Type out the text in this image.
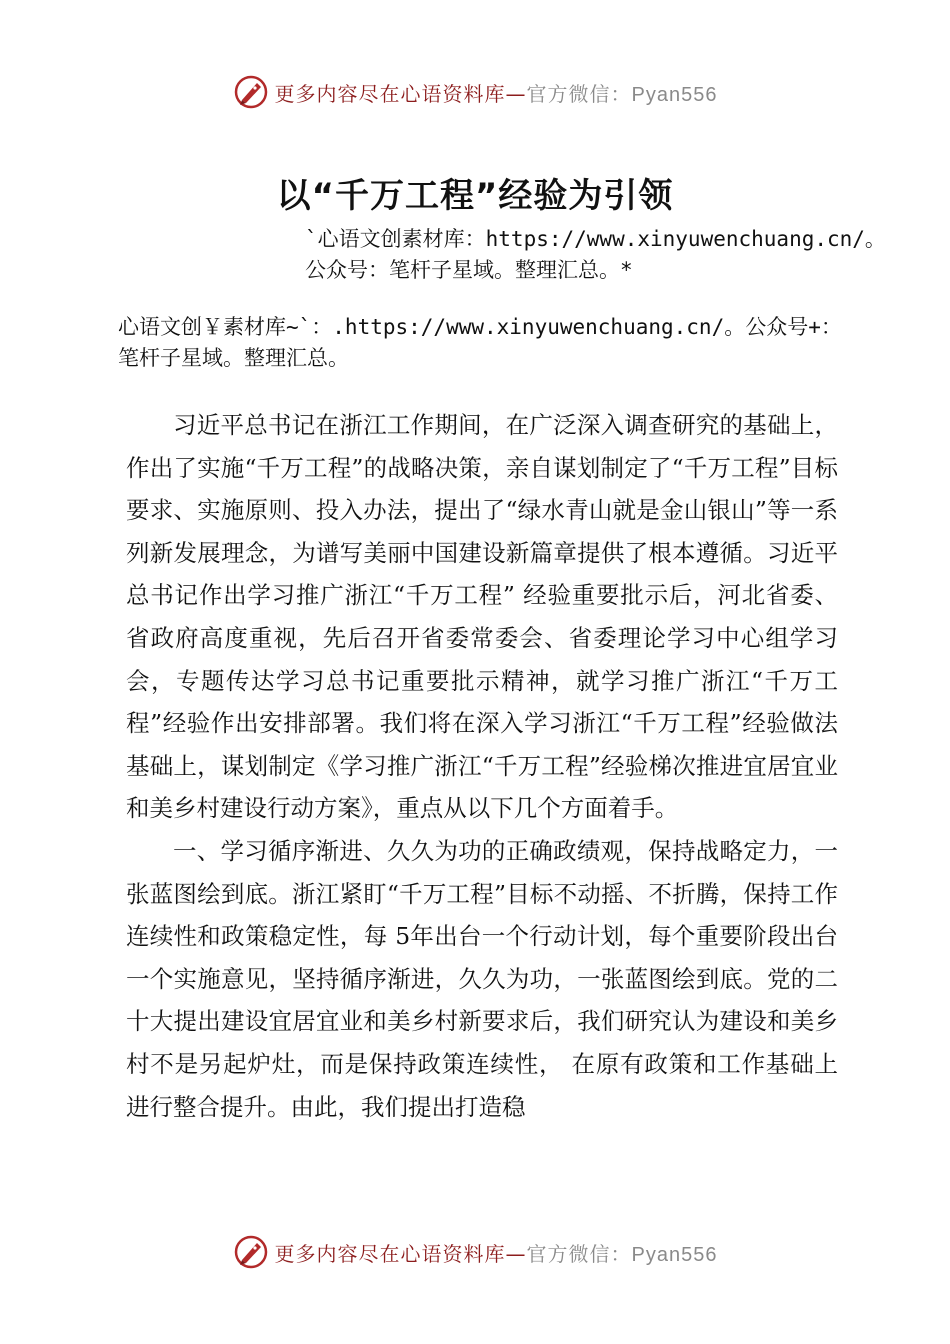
更多内容尽在心语资料库—官方微信：Pyan556
以“千万工程”经验为引领
`心语文创素材库：https://www.xinyuwenchuang.cn/。公众号：笔杆子星域。整理汇总。*
心语文创￥素材库~`：.https://www.xinyuwenchuang.cn/。公众号+：笔杆子星域。整理汇总。

习近平总书记在浙江工作期间，在广泛深入调查研究的基础上，作出了实施“千万工程”的战略决策，亲自谋划制定了“千万工程”目标要求、实施原则、投入办法，提出了“绿水青山就是金山银山”等一系列新发展理念，为谱写美丽中国建设新篇章提供了根本遵循。习近平总书记作出学习推广浙江“千万工程” 经验重要批示后，河北省委、省政府高度重视，先后召开省委常委会、省委理论学习中心组学习会，专题传达学习总书记重要批示精神，就学习推广浙江“千万工程”经验作出安排部署。我们将在深入学习浙江“千万工程”经验做法基础上，谋划制定《学习推广浙江“千万工程”经验梯次推进宜居宜业和美乡村建设行动方案》，重点从以下几个方面着手。

一、学习循序渐进、久久为功的正确政绩观，保持战略定力，一张蓝图绘到底。浙江紧盯“千万工程”目标不动摇、不折腾，保持工作连续性和政策稳定性，每 5年出台一个行动计划，每个重要阶段出台一个实施意见，坚持循序渐进，久久为功，一张蓝图绘到底。党的二十大提出建设宜居宜业和美乡村新要求后，我们研究认为建设和美乡村不是另起炉灶，而是保持政策连续性， 在原有政策和工作基础上进行整合提升。由此，我们提出打造稳

更多内容尽在心语资料库—官方微信：Pyan556
